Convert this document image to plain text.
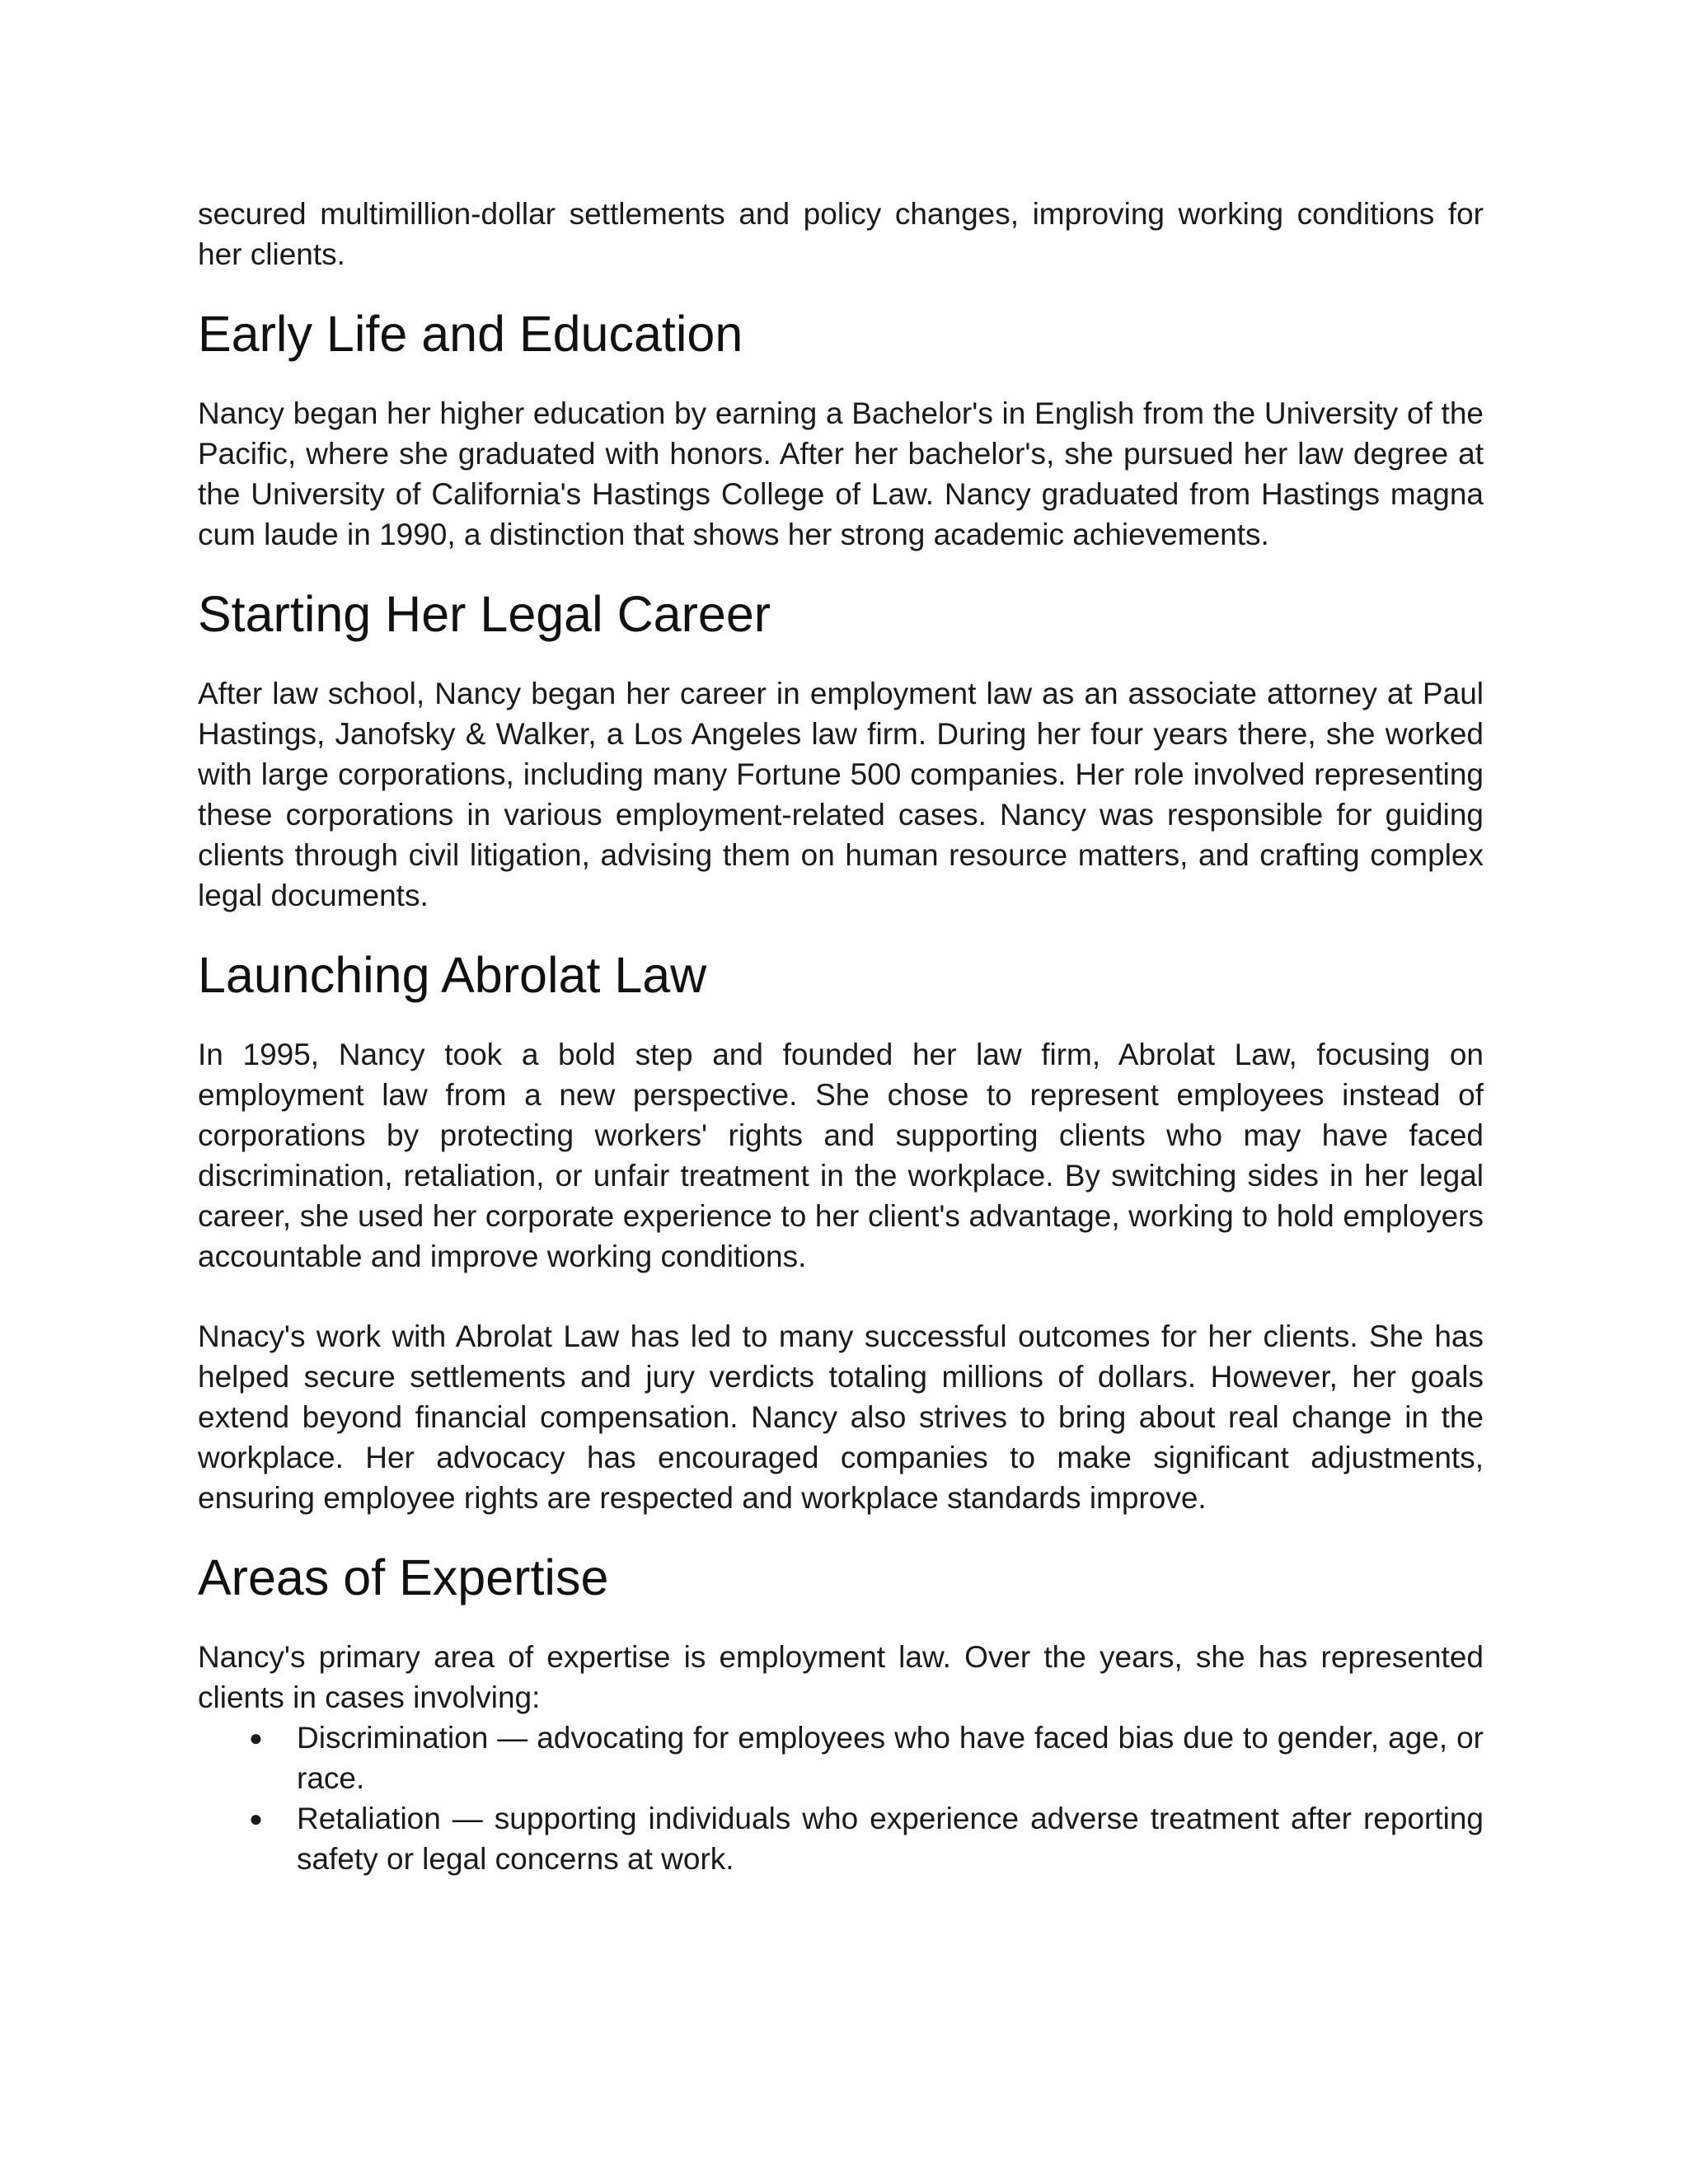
secured multimillion-dollar settlements and policy changes, improving working conditions for her clients.

Early Life and Education

Nancy began her higher education by earning a Bachelor's in English from the University of the Pacific, where she graduated with honors. After her bachelor's, she pursued her law degree at the University of California's Hastings College of Law. Nancy graduated from Hastings magna cum laude in 1990, a distinction that shows her strong academic achievements.

Starting Her Legal Career

After law school, Nancy began her career in employment law as an associate attorney at Paul Hastings, Janofsky & Walker, a Los Angeles law firm. During her four years there, she worked with large corporations, including many Fortune 500 companies. Her role involved representing these corporations in various employment-related cases. Nancy was responsible for guiding clients through civil litigation, advising them on human resource matters, and crafting complex legal documents.

Launching Abrolat Law

In 1995, Nancy took a bold step and founded her law firm, Abrolat Law, focusing on employment law from a new perspective. She chose to represent employees instead of corporations by protecting workers' rights and supporting clients who may have faced discrimination, retaliation, or unfair treatment in the workplace. By switching sides in her legal career, she used her corporate experience to her client's advantage, working to hold employers accountable and improve working conditions.

Nnacy's work with Abrolat Law has led to many successful outcomes for her clients. She has helped secure settlements and jury verdicts totaling millions of dollars. However, her goals extend beyond financial compensation. Nancy also strives to bring about real change in the workplace. Her advocacy has encouraged companies to make significant adjustments, ensuring employee rights are respected and workplace standards improve.

Areas of Expertise

Nancy's primary area of expertise is employment law. Over the years, she has represented clients in cases involving:

● Discrimination — advocating for employees who have faced bias due to gender, age, or race.
● Retaliation — supporting individuals who experience adverse treatment after reporting safety or legal concerns at work.
